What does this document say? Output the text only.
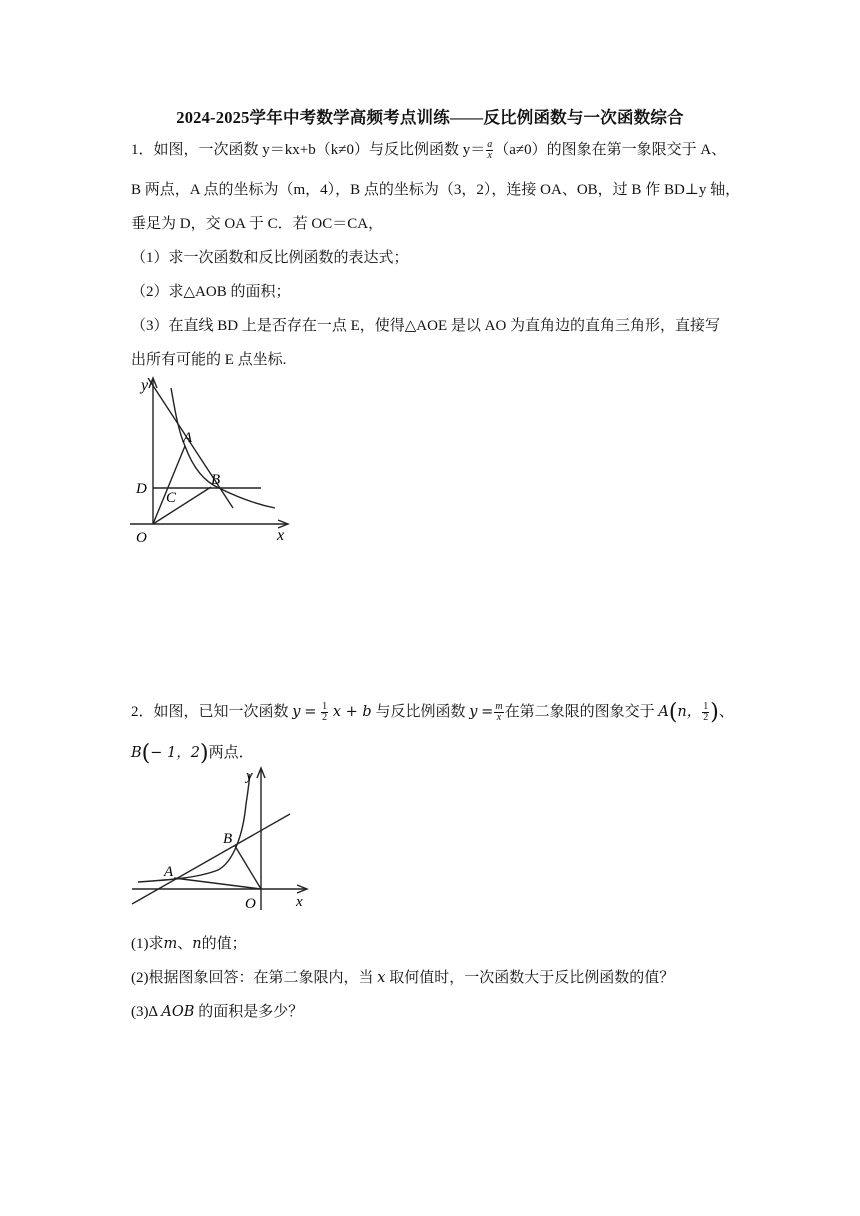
2024-2025学年中考数学高频考点训练——反比例函数与一次函数综合
1．如图，一次函数 y＝kx+b（k≠0）与反比例函数 $y= \frac{a}{x} (a\ne 0)$的图象在第一象限交于 A、
B 两点，A 点的坐标为（m，4），B 点的坐标为（3，2），连接 OA、OB，过 B 作 BD⊥y 轴，
垂足为 D，交 OA 于 C．若 OC＝CA，
（1）求一次函数和反比例函数的表达式；
（2）求△AOB 的面积；
（3）在直线 BD 上是否存在一点 E，使得△AOE 是以 AO 为直角边的直角三角形，直接写
出所有可能的 E 点坐标.
y
x
A
B
C
D
O
2．如图，已知一次函数 $y = \frac{1}{2}$ x + b 与反比例函数 $y = \frac{m}{x}$ 在第二象限的图象交于 A(n， $\frac{1}{2}$ )、
B(− 1，2)两点．
y
x
A
B
O
(1)求m、n的值；
(2)根据图象回答：在第二象限内，当 x 取何值时，一次函数大于反比例函数的值？
(3)∆ AOB 的面积是多少？
